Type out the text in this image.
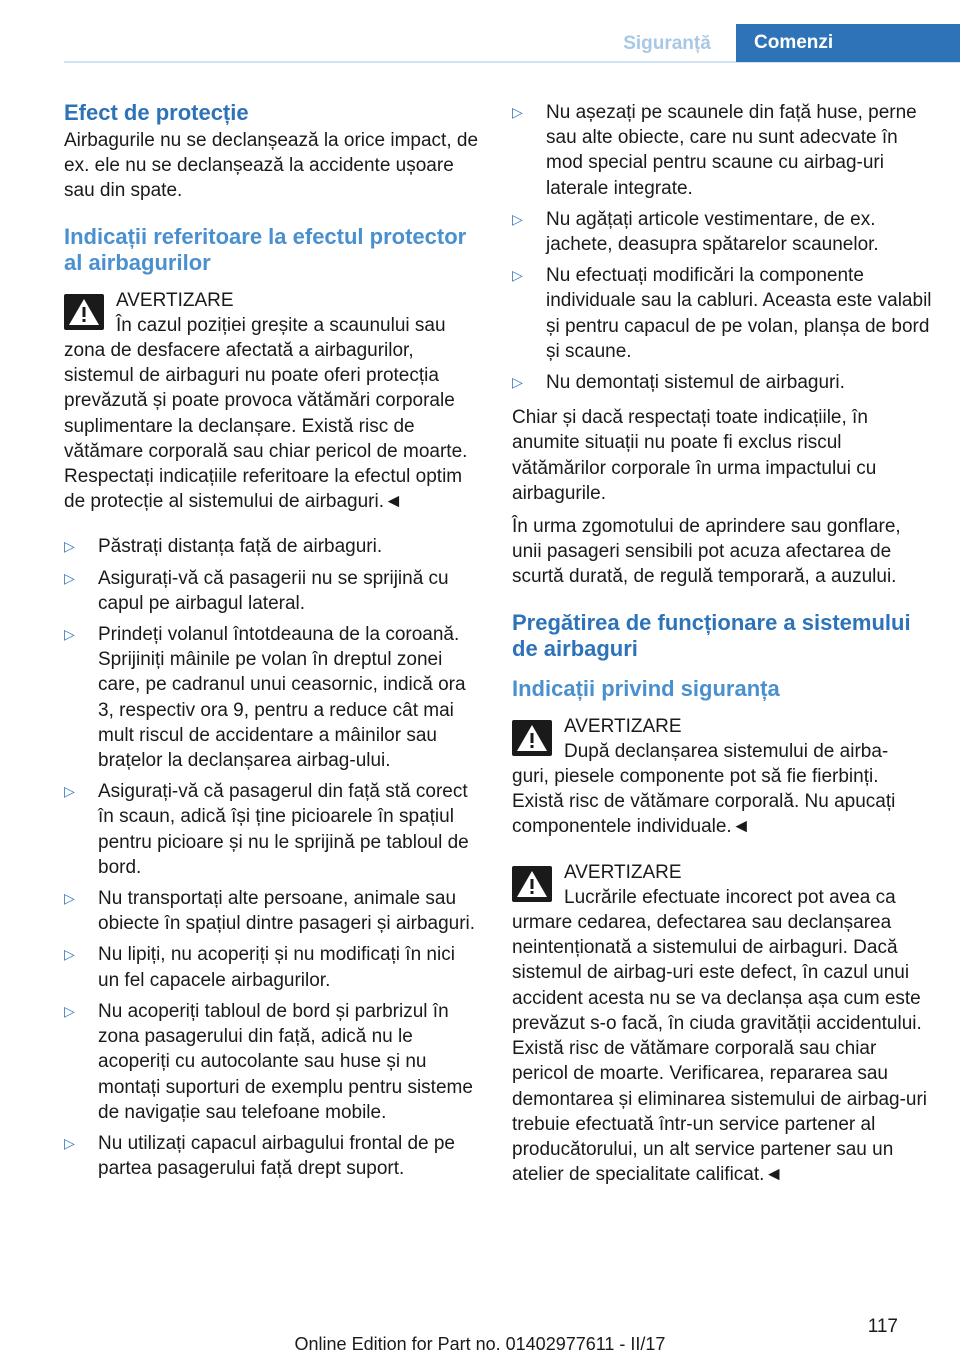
Siguranță	Comenzi
Efect de protecție
Airbagurile nu se declanșează la orice impact, de ex. ele nu se declanșează la accidente ușoare sau din spate.
Indicații referitoare la efectul protector al airbagurilor
AVERTIZARE
În cazul poziției greșite a scaunului sau
zona de desfacere afectată a airbagurilor, sistemul de airbaguri nu poate oferi protecția prevăzută și poate provoca vătămări corporale suplimentare la declanșare. Există risc de vătămare corporală sau chiar pericol de moarte. Respectați indicațiile referitoare la efectul optim de protecție al sistemului de airbaguri.◄
▷ Păstrați distanța față de airbaguri.
▷ Asigurați-vă că pasagerii nu se sprijină cu capul pe airbagul lateral.
▷ Prindeți volanul întotdeauna de la coroană. Sprijiniți mâinile pe volan în dreptul zonei care, pe cadranul unui ceasornic, indică ora 3, respectiv ora 9, pentru a reduce cât mai mult riscul de accidentare a mâinilor sau brațelor la declanșarea airbag-ului.
▷ Asigurați-vă că pasagerul din față stă corect în scaun, adică își ține picioarele în spațiul pentru picioare și nu le sprijină pe tabloul de bord.
▷ Nu transportați alte persoane, animale sau obiecte în spațiul dintre pasageri și airbaguri.
▷ Nu lipiți, nu acoperiți și nu modificați în nici un fel capacele airbagurilor.
▷ Nu acoperiți tabloul de bord și parbrizul în zona pasagerului din față, adică nu le acoperiți cu autocolante sau huse și nu montați suporturi de exemplu pentru sisteme de navigație sau telefoane mobile.
▷ Nu utilizați capacul airbagului frontal de pe partea pasagerului față drept suport.
▷ Nu așezați pe scaunele din față huse, perne sau alte obiecte, care nu sunt adecvate în mod special pentru scaune cu airbag-uri laterale integrate.
▷ Nu agățați articole vestimentare, de ex. jachete, deasupra spătarelor scaunelor.
▷ Nu efectuați modificări la componente individuale sau la cabluri. Aceasta este valabil și pentru capacul de pe volan, planșa de bord și scaune.
▷ Nu demontați sistemul de airbaguri.
Chiar și dacă respectați toate indicațiile, în anumite situații nu poate fi exclus riscul vătămărilor corporale în urma impactului cu airbagurile.
În urma zgomotului de aprindere sau gonflare, unii pasageri sensibili pot acuza afectarea de scurtă durată, de regulă temporară, a auzului.
Pregătirea de funcționare a sistemului de airbaguri
Indicații privind siguranța
AVERTIZARE
După declanșarea sistemului de airba-
guri, piesele componente pot să fie fierbinți. Există risc de vătămare corporală. Nu apucați componentele individuale.◄
AVERTIZARE
Lucrările efectuate incorect pot avea ca
urmare cedarea, defectarea sau declanșarea neintenționată a sistemului de airbaguri. Dacă sistemul de airbag-uri este defect, în cazul unui accident acesta nu se va declanșa așa cum este prevăzut s-o facă, în ciuda gravității accidentului. Există risc de vătămare corporală sau chiar pericol de moarte. Verificarea, repararea sau demontarea și eliminarea sistemului de airbag-uri trebuie efectuată într-un service partener al producătorului, un alt service partener sau un atelier de specialitate calificat.◄
117
Online Edition for Part no. 01402977611 - II/17
